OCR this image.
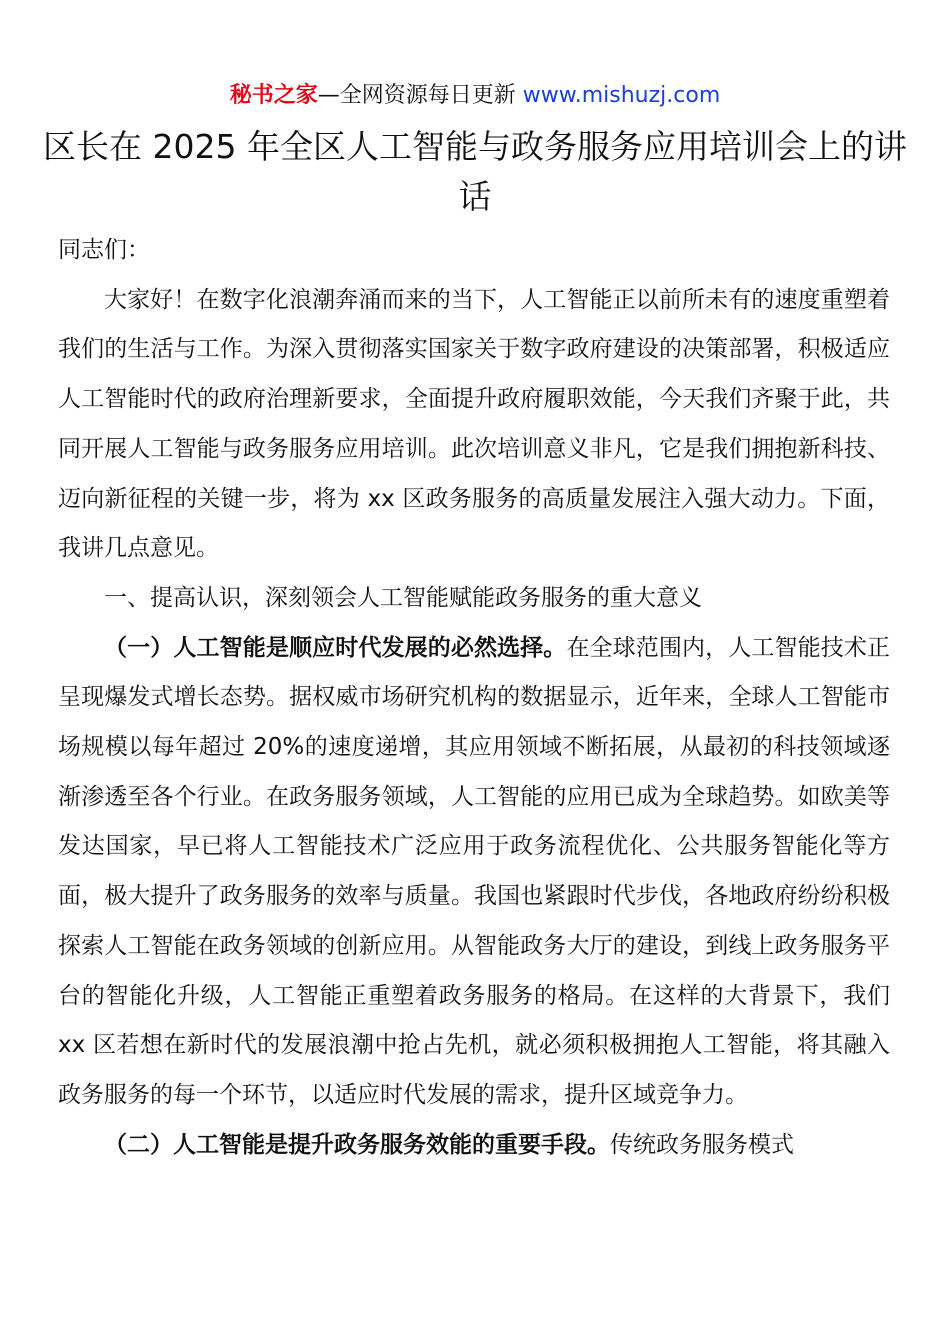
秘书之家—全网资源每日更新 www.mishuzj.com
区长在 2025 年全区人工智能与政务服务应用培训会上的讲话

同志们：

大家好！在数字化浪潮奔涌而来的当下，人工智能正以前所未有的速度重塑着我们的生活与工作。为深入贯彻落实国家关于数字政府建设的决策部署，积极适应人工智能时代的政府治理新要求，全面提升政府履职效能，今天我们齐聚于此，共同开展人工智能与政务服务应用培训。此次培训意义非凡，它是我们拥抱新科技、迈向新征程的关键一步，将为 xx 区政务服务的高质量发展注入强大动力。下面，我讲几点意见。

一、提高认识，深刻领会人工智能赋能政务服务的重大意义

（一）人工智能是顺应时代发展的必然选择。在全球范围内，人工智能技术正呈现爆发式增长态势。据权威市场研究机构的数据显示，近年来，全球人工智能市场规模以每年超过 20%的速度递增，其应用领域不断拓展，从最初的科技领域逐渐渗透至各个行业。在政务服务领域，人工智能的应用已成为全球趋势。如欧美等发达国家，早已将人工智能技术广泛应用于政务流程优化、公共服务智能化等方面，极大提升了政务服务的效率与质量。我国也紧跟时代步伐，各地政府纷纷积极探索人工智能在政务领域的创新应用。从智能政务大厅的建设，到线上政务服务平台的智能化升级，人工智能正重塑着政务服务的格局。在这样的大背景下，我们 xx 区若想在新时代的发展浪潮中抢占先机，就必须积极拥抱人工智能，将其融入政务服务的每一个环节，以适应时代发展的需求，提升区域竞争力。

（二）人工智能是提升政务服务效能的重要手段。传统政务服务模式
